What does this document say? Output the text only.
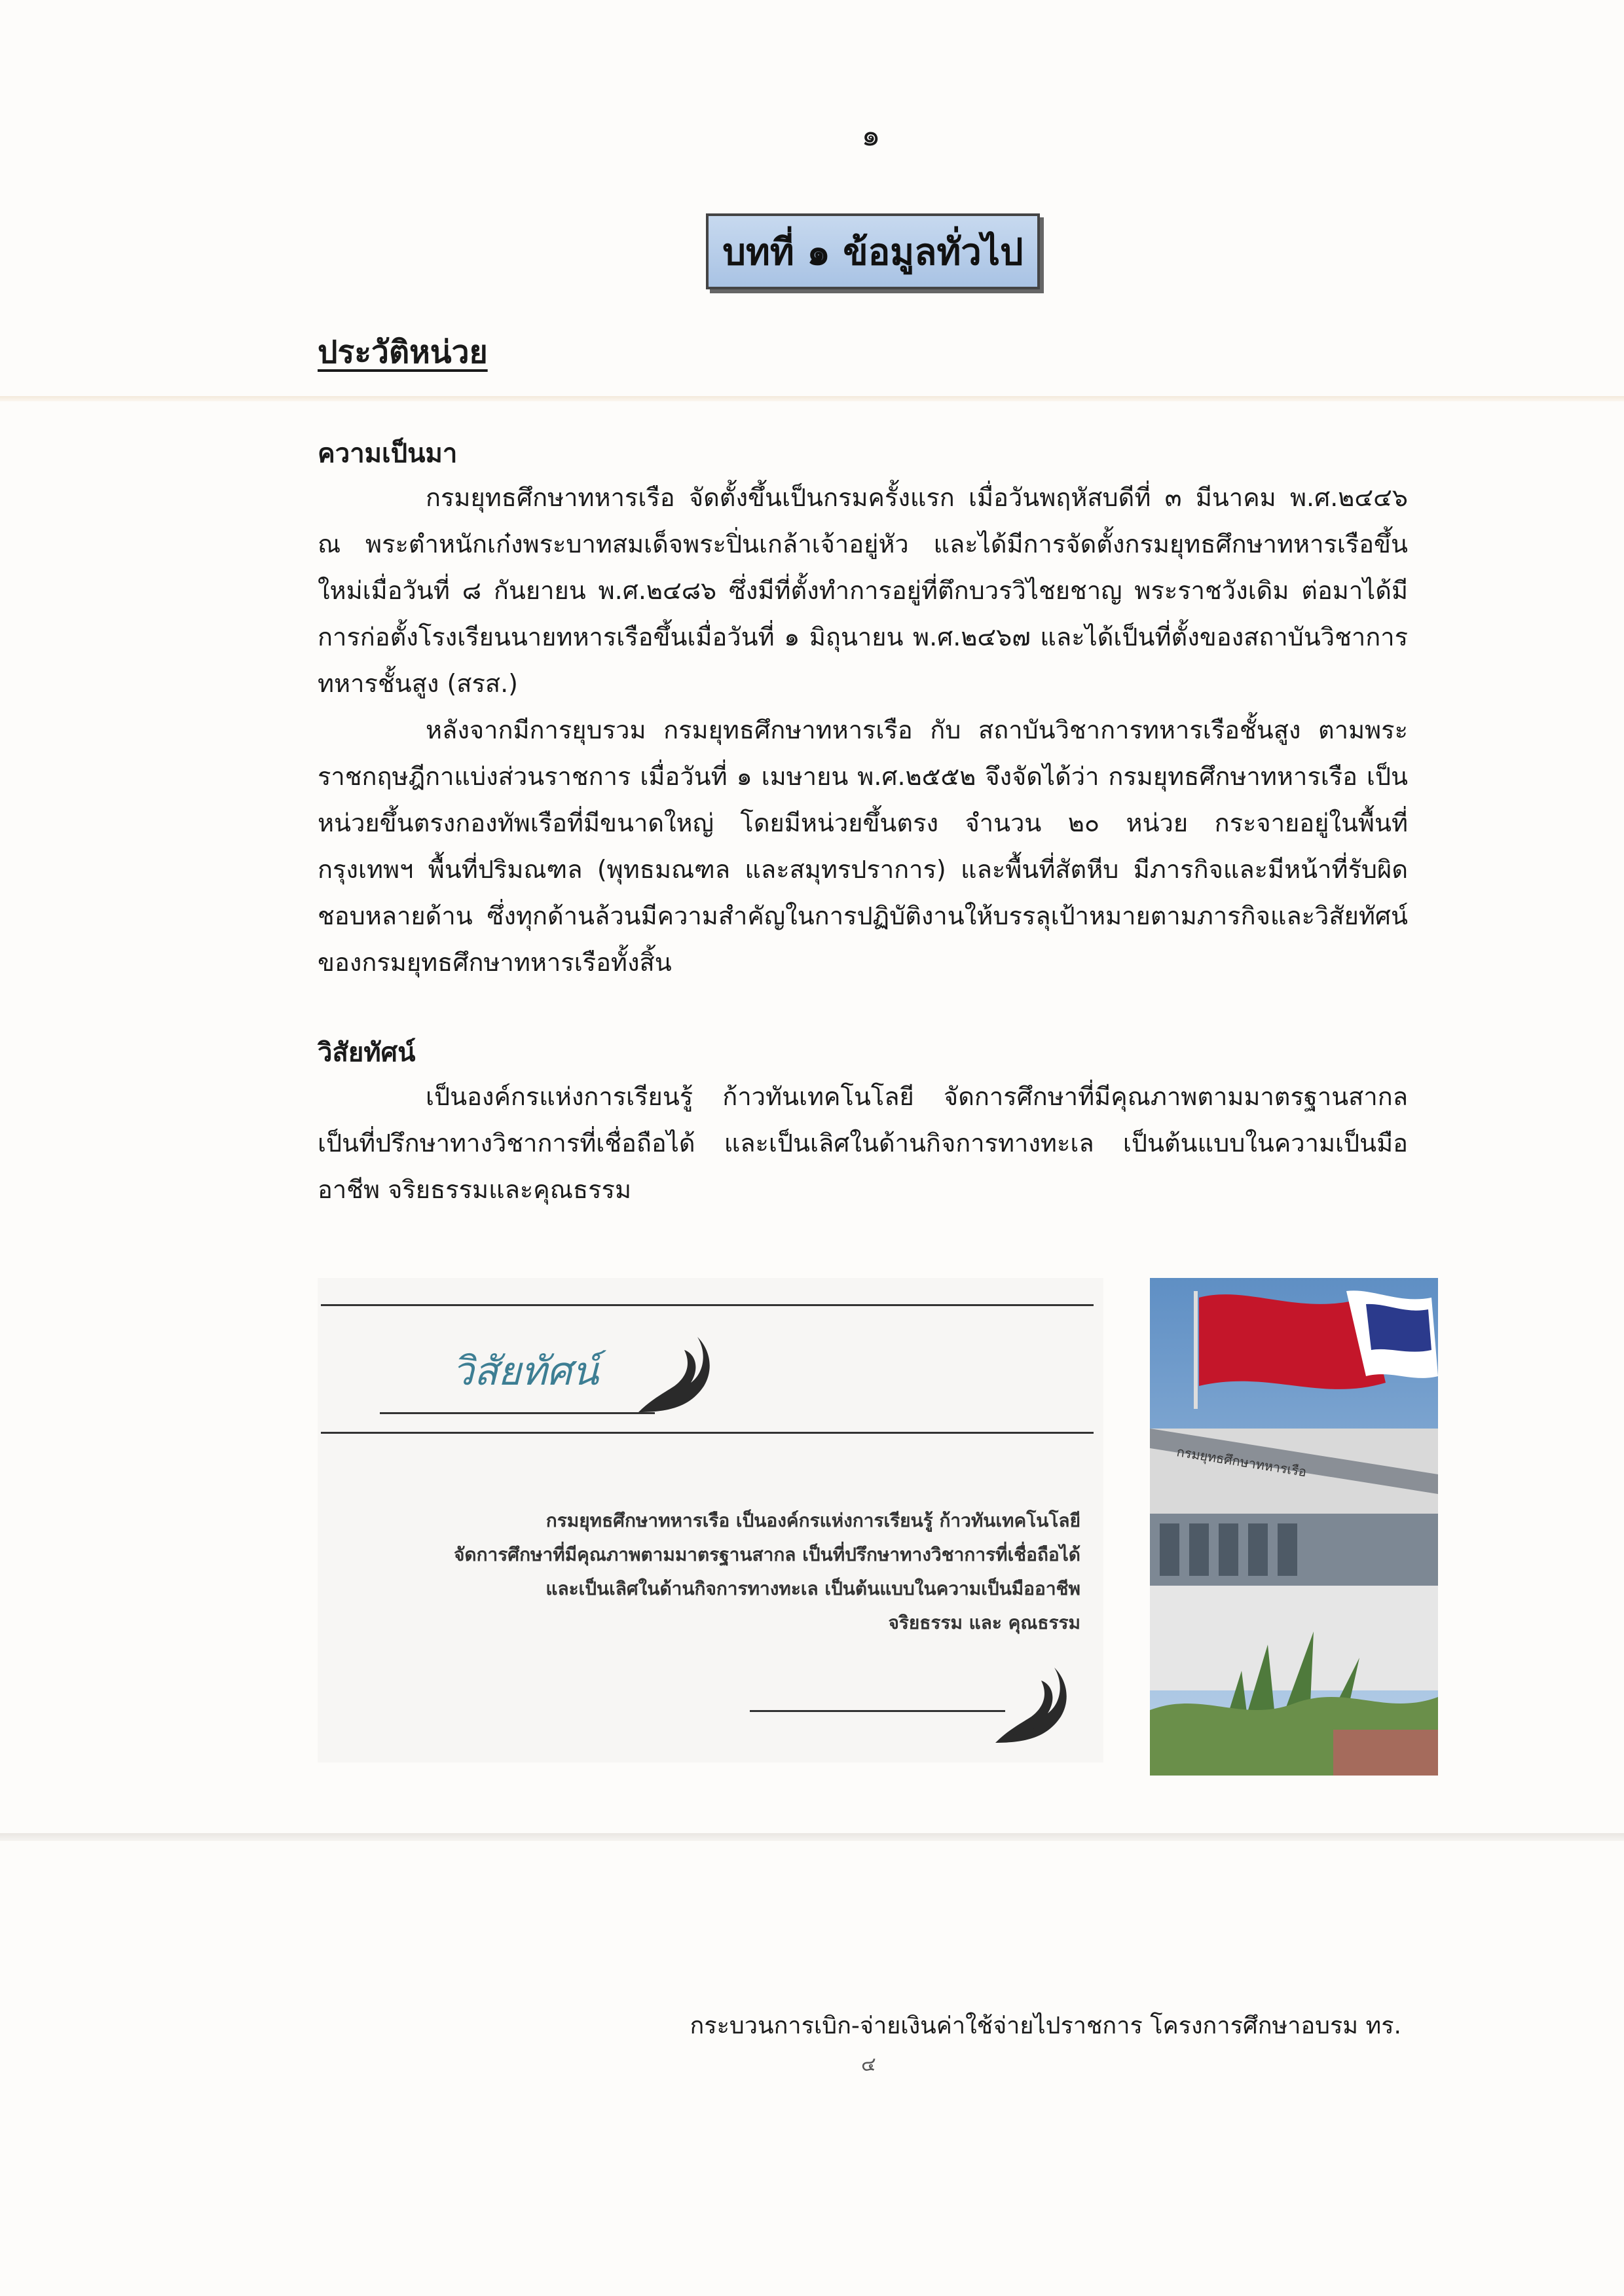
๑
บทที่ ๑ ข้อมูลทั่วไป
ประวัติหน่วย
ความเป็นมา

กรมยุทธศึกษาทหารเรือ จัดตั้งขึ้นเป็นกรมครั้งแรก เมื่อวันพฤหัสบดีที่ ๓ มีนาคม พ.ศ.๒๔๔๖ ณ พระตำหนักเก๋งพระบาทสมเด็จพระปิ่นเกล้าเจ้าอยู่หัว และได้มีการจัดตั้งกรมยุทธศึกษาทหารเรือขึ้นใหม่เมื่อวันที่ ๘ กันยายน พ.ศ.๒๔๘๖ ซึ่งมีที่ตั้งทำการอยู่ที่ตึกบวรวิไชยชาญ พระราชวังเดิม ต่อมาได้มีการก่อตั้งโรงเรียนนายทหารเรือขึ้นเมื่อวันที่ ๑ มิถุนายน พ.ศ.๒๔๖๗ และได้เป็นที่ตั้งของสถาบันวิชาการทหารชั้นสูง (สรส.)

หลังจากมีการยุบรวม กรมยุทธศึกษาทหารเรือ กับ สถาบันวิชาการทหารเรือชั้นสูง ตามพระราชกฤษฎีกาแบ่งส่วนราชการ เมื่อวันที่ ๑ เมษายน พ.ศ.๒๕๕๒ จึงจัดได้ว่า กรมยุทธศึกษาทหารเรือ เป็นหน่วยขึ้นตรงกองทัพเรือที่มีขนาดใหญ่ โดยมีหน่วยขึ้นตรง จำนวน ๒๐ หน่วย กระจายอยู่ในพื้นที่ กรุงเทพฯ พื้นที่ปริมณฑล (พุทธมณฑล และสมุทรปราการ) และพื้นที่สัตหีบ มีภารกิจและมีหน้าที่รับผิดชอบหลายด้าน ซึ่งทุกด้านล้วนมีความสำคัญในการปฏิบัติงานให้บรรลุเป้าหมายตามภารกิจและวิสัยทัศน์ของกรมยุทธศึกษาทหารเรือทั้งสิ้น

วิสัยทัศน์

เป็นองค์กรแห่งการเรียนรู้ ก้าวทันเทคโนโลยี จัดการศึกษาที่มีคุณภาพตามมาตรฐานสากล เป็นที่ปรึกษาทางวิชาการที่เชื่อถือได้ และเป็นเลิศในด้านกิจการทางทะเล เป็นต้นแบบในความเป็นมืออาชีพ จริยธรรมและคุณธรรม

วิสัยทัศน์
กรมยุทธศึกษาทหารเรือ เป็นองค์กรแห่งการเรียนรู้ ก้าวทันเทคโนโลยี
จัดการศึกษาที่มีคุณภาพตามมาตรฐานสากล เป็นที่ปรึกษาทางวิชาการที่เชื่อถือได้
และเป็นเลิศในด้านกิจการทางทะเล เป็นต้นแบบในความเป็นมืออาชีพ
จริยธรรม และ คุณธรรม
กรมยุทธศึกษาทหารเรือ
กระบวนการเบิก-จ่ายเงินค่าใช้จ่ายไปราชการ โครงการศึกษาอบรม ทร.
๔
